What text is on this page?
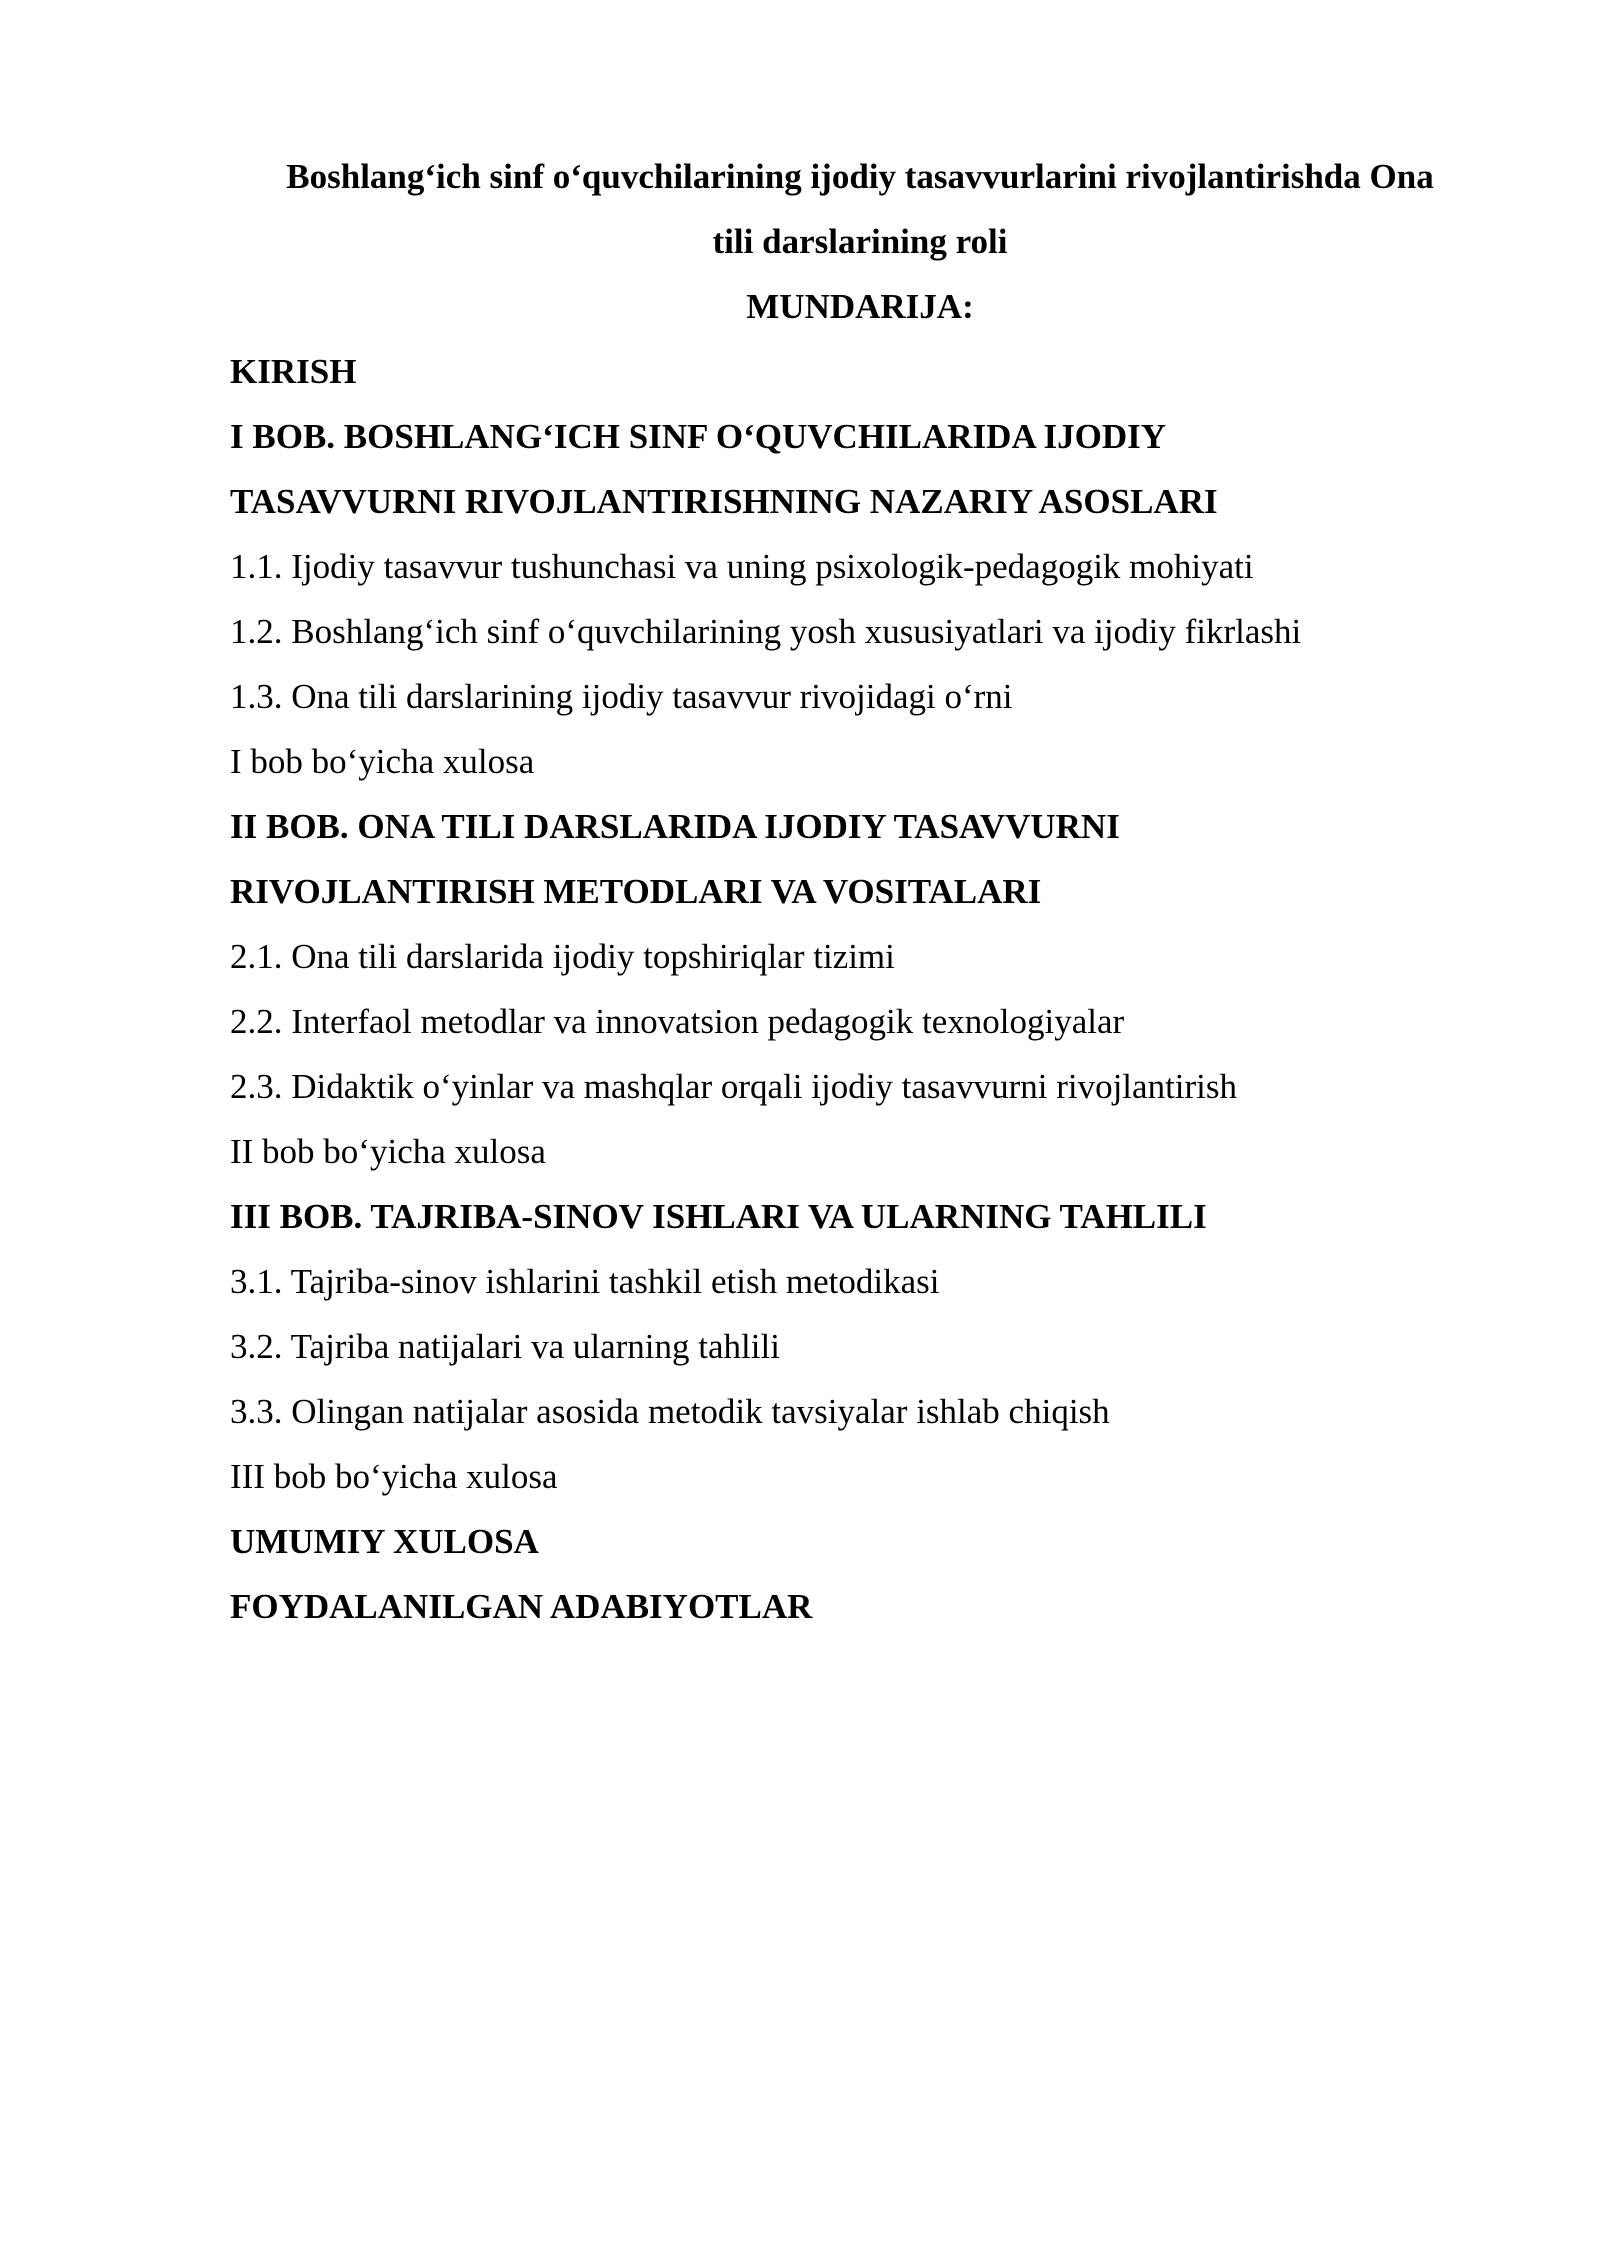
Boshlang‘ich sinf o‘quvchilarining ijodiy tasavvurlarini rivojlantirishda Ona

tili darslarining roli

MUNDARIJA:

KIRISH
I BOB. BOSHLANG‘ICH SINF O‘QUVCHILARIDA IJODIY
TASAVVURNI RIVOJLANTIRISHNING NAZARIY ASOSLARI
1.1. Ijodiy tasavvur tushunchasi va uning psixologik-pedagogik mohiyati
1.2. Boshlang‘ich sinf o‘quvchilarining yosh xususiyatlari va ijodiy fikrlashi
1.3. Ona tili darslarining ijodiy tasavvur rivojidagi o‘rni
I bob bo‘yicha xulosa
II BOB. ONA TILI DARSLARIDA IJODIY TASAVVURNI
RIVOJLANTIRISH METODLARI VA VOSITALARI
2.1. Ona tili darslarida ijodiy topshiriqlar tizimi
2.2. Interfaol metodlar va innovatsion pedagogik texnologiyalar
2.3. Didaktik o‘yinlar va mashqlar orqali ijodiy tasavvurni rivojlantirish
II bob bo‘yicha xulosa
III BOB. TAJRIBA-SINOV ISHLARI VA ULARNING TAHLILI
3.1. Tajriba-sinov ishlarini tashkil etish metodikasi
3.2. Tajriba natijalari va ularning tahlili
3.3. Olingan natijalar asosida metodik tavsiyalar ishlab chiqish
III bob bo‘yicha xulosa
UMUMIY XULOSA
FOYDALANILGAN ADABIYOTLAR
